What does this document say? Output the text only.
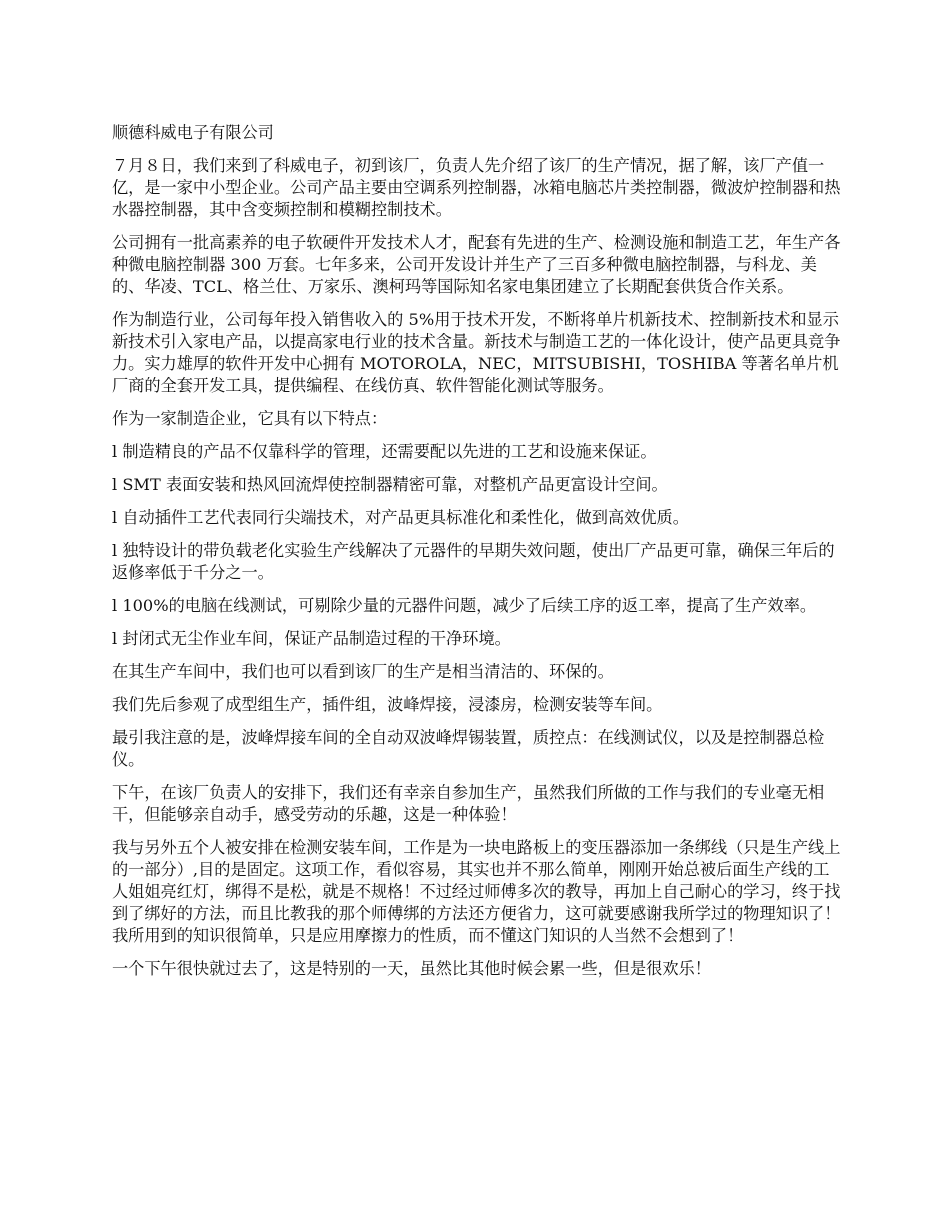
顺德科威电子有限公司

７月８日，我们来到了科威电子，初到该厂，负责人先介绍了该厂的生产情况，据了解，该厂产值一亿，是一家中小型企业。公司产品主要由空调系列控制器，冰箱电脑芯片类控制器，微波炉控制器和热水器控制器，其中含变频控制和模糊控制技术。

公司拥有一批高素养的电子软硬件开发技术人才，配套有先进的生产、检测设施和制造工艺，年生产各种微电脑控制器 300 万套。七年多来，公司开发设计并生产了三百多种微电脑控制器，与科龙、美的、华凌、TCL、格兰仕、万家乐、澳柯玛等国际知名家电集团建立了长期配套供货合作关系。

作为制造行业，公司每年投入销售收入的 5%用于技术开发，不断将单片机新技术、控制新技术和显示新技术引入家电产品，以提高家电行业的技术含量。新技术与制造工艺的一体化设计，使产品更具竞争力。实力雄厚的软件开发中心拥有 MOTOROLA，NEC，MITSUBISHI，TOSHIBA 等著名单片机厂商的全套开发工具，提供编程、在线仿真、软件智能化测试等服务。

作为一家制造企业，它具有以下特点：

l 制造精良的产品不仅靠科学的管理，还需要配以先进的工艺和设施来保证。

l SMT 表面安装和热风回流焊使控制器精密可靠，对整机产品更富设计空间。

l 自动插件工艺代表同行尖端技术，对产品更具标准化和柔性化，做到高效优质。

l 独特设计的带负载老化实验生产线解决了元器件的早期失效问题，使出厂产品更可靠，确保三年后的返修率低于千分之一。

l 100%的电脑在线测试，可剔除少量的元器件问题，减少了后续工序的返工率，提高了生产效率。

l 封闭式无尘作业车间，保证产品制造过程的干净环境。

在其生产车间中，我们也可以看到该厂的生产是相当清洁的、环保的。

我们先后参观了成型组生产，插件组，波峰焊接，浸漆房，检测安装等车间。

最引我注意的是，波峰焊接车间的全自动双波峰焊锡装置，质控点：在线测试仪，以及是控制器总检仪。

下午，在该厂负责人的安排下，我们还有幸亲自参加生产，虽然我们所做的工作与我们的专业毫无相干，但能够亲自动手，感受劳动的乐趣，这是一种体验！

我与另外五个人被安排在检测安装车间，工作是为一块电路板上的变压器添加一条绑线（只是生产线上的一部分）,目的是固定。这项工作，看似容易，其实也并不那么简单，刚刚开始总被后面生产线的工人姐姐亮红灯，绑得不是松，就是不规格！不过经过师傅多次的教导，再加上自己耐心的学习，终于找到了绑好的方法，而且比教我的那个师傅绑的方法还方便省力，这可就要感谢我所学过的物理知识了！我所用到的知识很简单，只是应用摩擦力的性质，而不懂这门知识的人当然不会想到了！

一个下午很快就过去了，这是特别的一天，虽然比其他时候会累一些，但是很欢乐！
